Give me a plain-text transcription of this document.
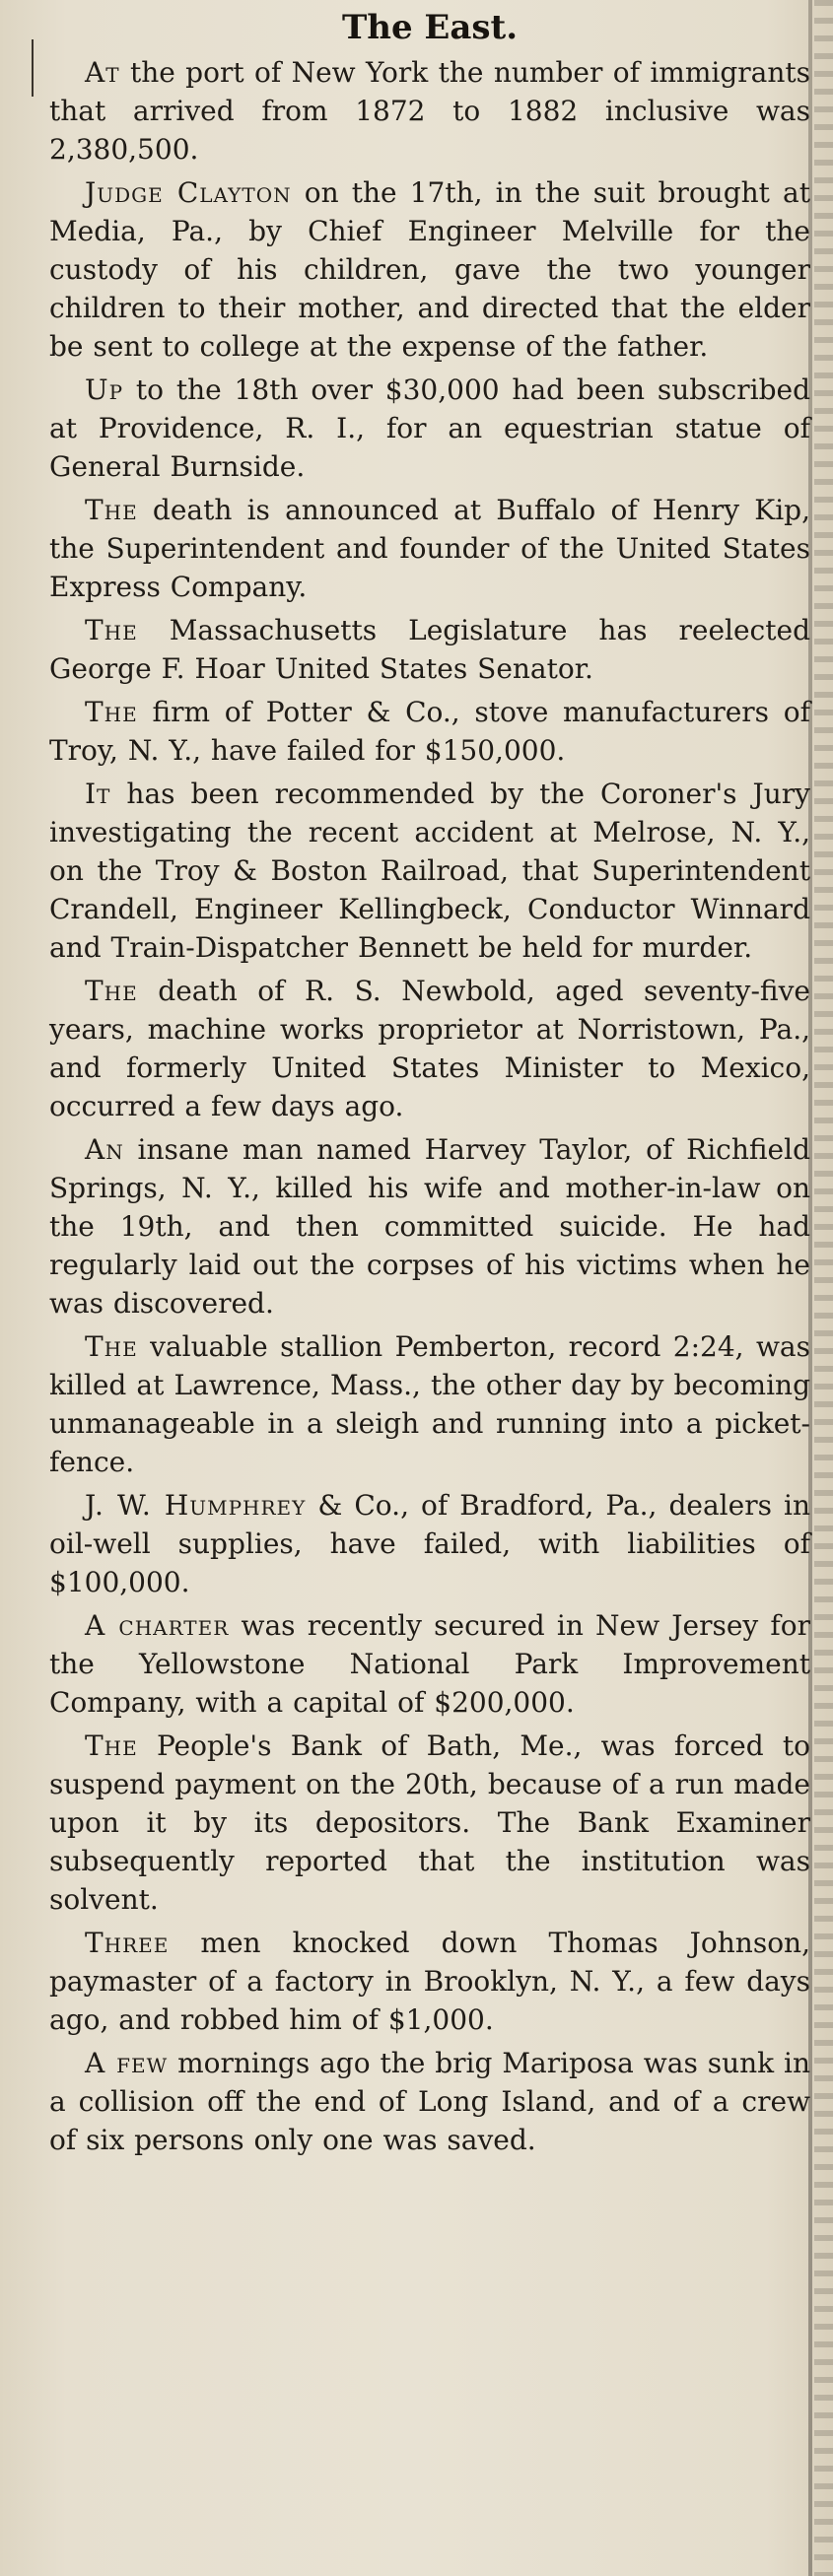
The East.

At the port of New York the number of immigrants that arrived from 1872 to 1882 inclusive was 2,380,500.

Judge Clayton on the 17th, in the suit brought at Media, Pa., by Chief Engineer Melville for the custody of his children, gave the two younger children to their mother, and directed that the elder be sent to college at the expense of the father.

Up to the 18th over $30,000 had been subscribed at Providence, R. I., for an equestrian statue of General Burnside.

The death is announced at Buffalo of Henry Kip, the Superintendent and founder of the United States Express Company.

The Massachusetts Legislature has reelected George F. Hoar United States Senator.

The firm of Potter & Co., stove manufacturers of Troy, N. Y., have failed for $150,000.

It has been recommended by the Coroner's Jury investigating the recent accident at Melrose, N. Y., on the Troy & Boston Railroad, that Superintendent Crandell, Engineer Kellingbeck, Conductor Winnard and Train-Dispatcher Bennett be held for murder.

The death of R. S. Newbold, aged seventy-five years, machine works proprietor at Norristown, Pa., and formerly United States Minister to Mexico, occurred a few days ago.

An insane man named Harvey Taylor, of Richfield Springs, N. Y., killed his wife and mother-in-law on the 19th, and then committed suicide. He had regularly laid out the corpses of his victims when he was discovered.

The valuable stallion Pemberton, record 2:24, was killed at Lawrence, Mass., the other day by becoming unmanageable in a sleigh and running into a picket-fence.

J. W. Humphrey & Co., of Bradford, Pa., dealers in oil-well supplies, have failed, with liabilities of $100,000.

A charter was recently secured in New Jersey for the Yellowstone National Park Improvement Company, with a capital of $200,000.

The People's Bank of Bath, Me., was forced to suspend payment on the 20th, because of a run made upon it by its depositors. The Bank Examiner subsequently reported that the institution was solvent.

Three men knocked down Thomas Johnson, paymaster of a factory in Brooklyn, N. Y., a few days ago, and robbed him of $1,000.

A few mornings ago the brig Mariposa was sunk in a collision off the end of Long Island, and of a crew of six persons only one was saved.
